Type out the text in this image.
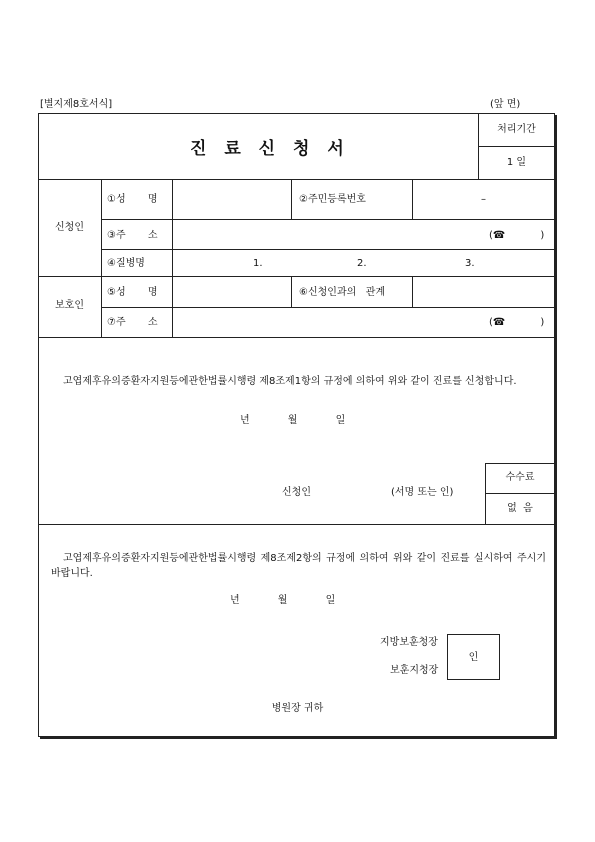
[별지제8호서식]	(앞 면)
진 료 신 청 서
처리기간
1 일
신청인
①성       명	②주민등록번호	–
③주       소	(☎           )
④질병명	1.	2.	3.
보호인
⑤성       명	⑥신청인과의   관계
⑦주       소	(☎           )
고엽제후유의증환자지원등에관한법률시행령 제8조제1항의 규정에 의하여 위와 같이 진료를 신청합니다.
년            월            일
신청인	(서명 또는 인)
수수료
없  음
고엽제후유의증환자지원등에관한법률시행령 제8조제2항의 규정에 의하여 위와 같이 진료를 실시하여 주시기 바랍니다.
년            월            일
지방보훈청장
보훈지청장
인
병원장 귀하
